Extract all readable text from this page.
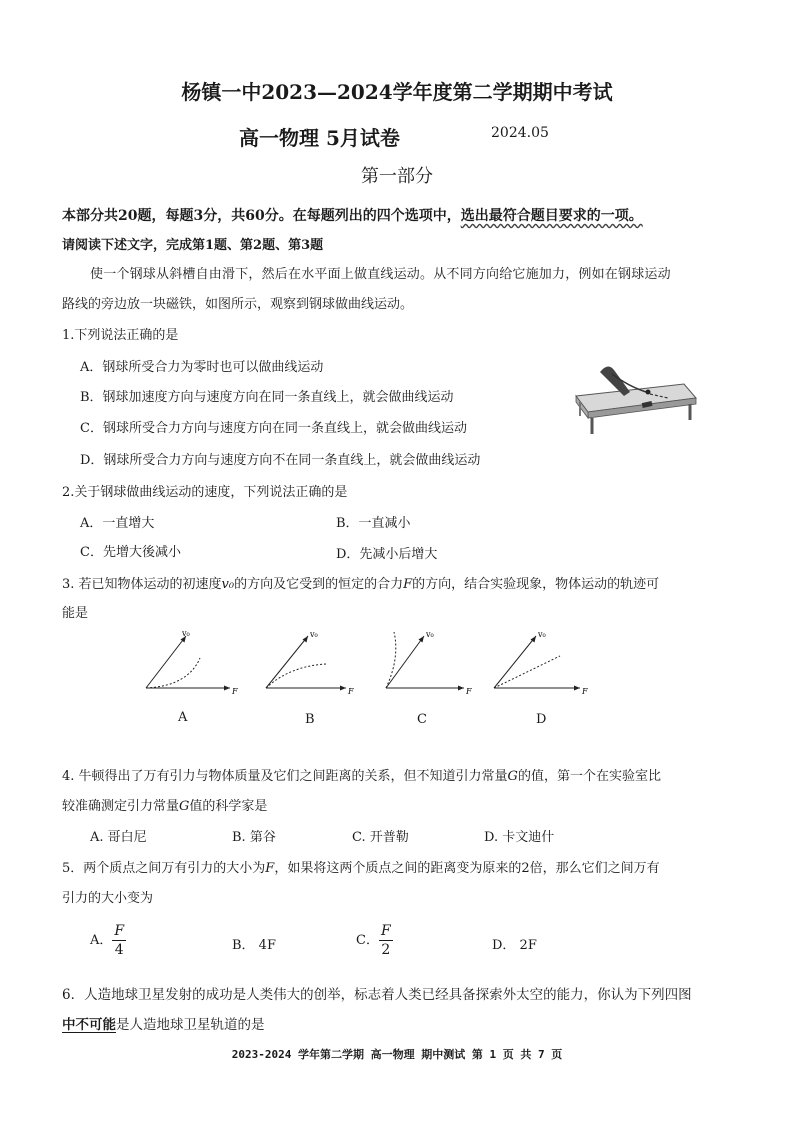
杨镇一中2023—2024学年度第二学期期中考试
高一物理 5月试卷	2024.05
第一部分
本部分共20题，每题3分，共60分。在每题列出的四个选项中，选出最符合题目要求的一项。
请阅读下述文字，完成第1题、第2题、第3题
使一个钢球从斜槽自由滑下，然后在水平面上做直线运动。从不同方向给它施加力，例如在钢球运动
路线的旁边放一块磁铁，如图所示，观察到钢球做曲线运动。
1.下列说法正确的是
A．钢球所受合力为零时也可以做曲线运动
B．钢球加速度方向与速度方向在同一条直线上，就会做曲线运动
C．钢球所受合力方向与速度方向在同一条直线上，就会做曲线运动
D．钢球所受合力方向与速度方向不在同一条直线上，就会做曲线运动
2.关于钢球做曲线运动的速度，下列说法正确的是
A．一直增大	B．一直减小
C．先增大後减小	D．先减小后增大
3. 若已知物体运动的初速度v₀的方向及它受到的恒定的合力F的方向，结合实验现象，物体运动的轨迹可
能是
v₀
F
v₀
F
v₀
F
v₀
F
A	B	C	D
4. 牛顿得出了万有引力与物体质量及它们之间距离的关系，但不知道引力常量G的值，第一个在实验室比
较准确测定引力常量G值的科学家是
A. 哥白尼	B. 第谷	C. 开普勒	D. 卡文迪什
5．两个质点之间万有引力的大小为F，如果将这两个质点之间的距离变为原来的2倍，那么它们之间万有
引力的大小变为
A． $\frac{F}{4}$	B． 4F	C． $\frac{F}{2}$	D． 2F
6．人造地球卫星发射的成功是人类伟大的创举，标志着人类已经具备探索外太空的能力，你认为下列四图
中不可能是人造地球卫星轨道的是
2023-2024 学年第二学期 高一物理 期中测试 第 1 页 共 7 页
